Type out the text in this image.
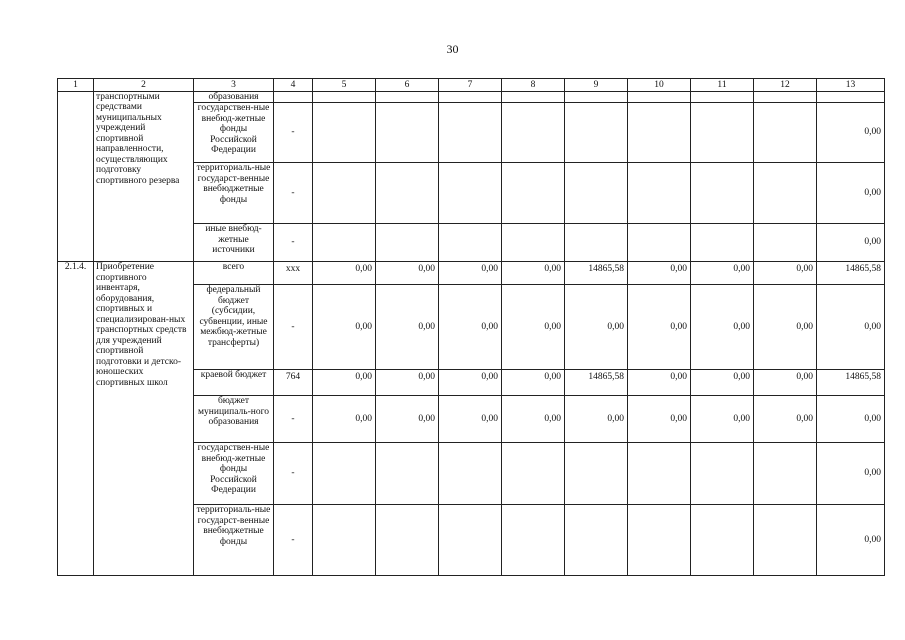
30
1	2	3	4	5	6	7	8	9	10	11	12	13
	транспортными средствами муниципальных учреждений спортивной направленности, осуществляющих подготовку спортивного резерва	образования										
		государствен-ные внебюд-жетные фонды Российской Федерации	-									0,00
		территориаль-ные государст-венные внебюджетные фонды	-									0,00
		иные внебюд-жетные источники	-									0,00
2.1.4.	Приобретение спортивного инвентаря, оборудования, спортивных и специализирован-ных транспортных средств для учреждений спортивной подготовки и детско-юношеских спортивных школ	всего	ххх	0,00	0,00	0,00	0,00	14865,58	0,00	0,00	0,00	14865,58
		федеральный бюджет (субсидии, субвенции, иные межбюд-жетные трансферты)	-	0,00	0,00	0,00	0,00	0,00	0,00	0,00	0,00	0,00
		краевой бюджет	764	0,00	0,00	0,00	0,00	14865,58	0,00	0,00	0,00	14865,58
		бюджет муниципаль-ного образования	-	0,00	0,00	0,00	0,00	0,00	0,00	0,00	0,00	0,00
		государствен-ные внебюд-жетные фонды Российской Федерации	-									0,00
		территориаль-ные государст-венные внебюджетные фонды	-									0,00
